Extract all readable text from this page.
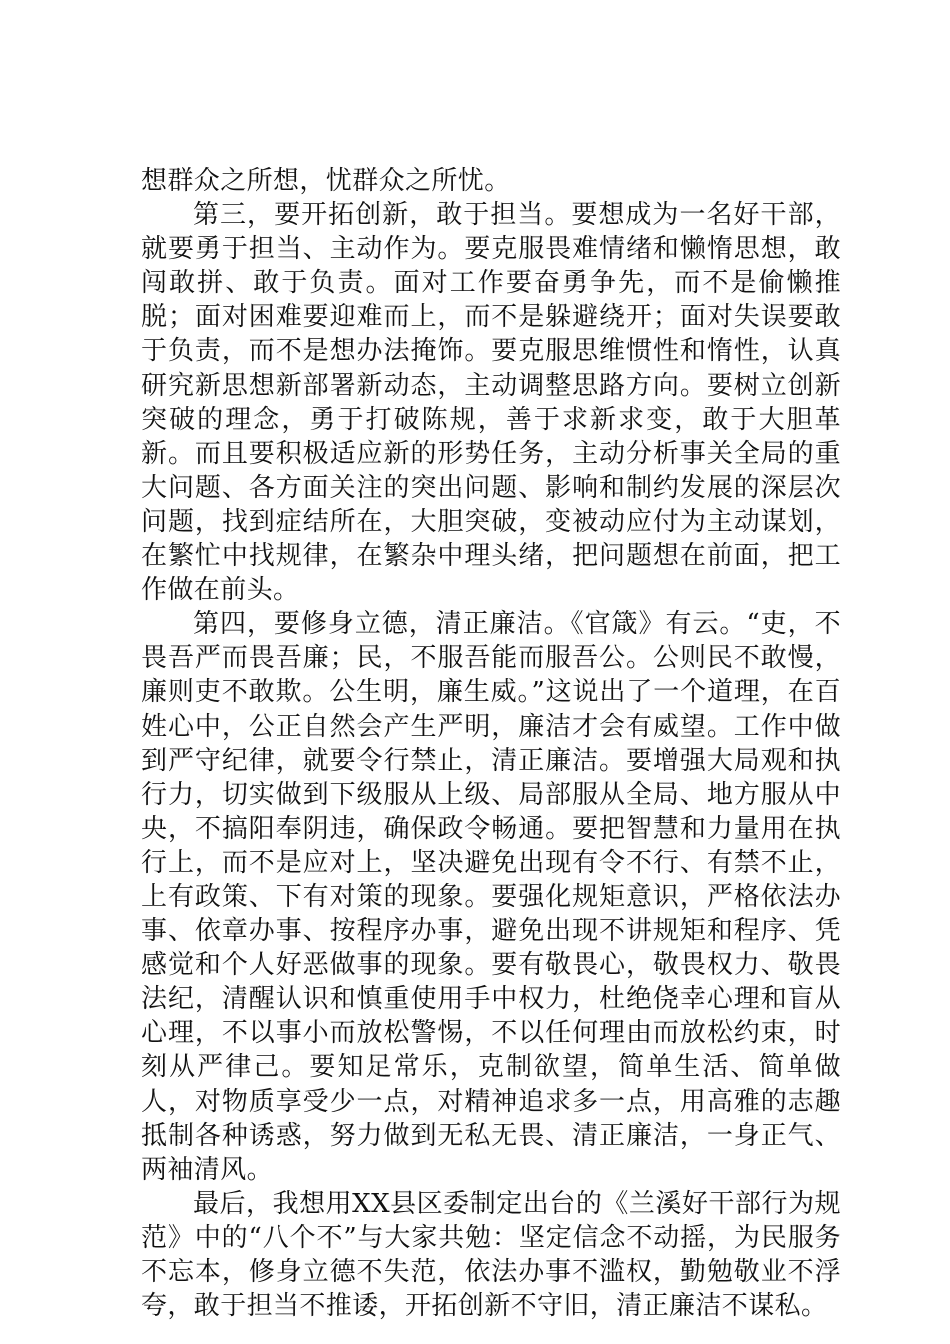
想群众之所想，忧群众之所忧。

第三，要开拓创新，敢于担当。要想成为一名好干部，就要勇于担当、主动作为。要克服畏难情绪和懒惰思想，敢闯敢拼、敢于负责。面对工作要奋勇争先，而不是偷懒推脱；面对困难要迎难而上，而不是躲避绕开；面对失误要敢于负责，而不是想办法掩饰。要克服思维惯性和惰性，认真研究新思想新部署新动态，主动调整思路方向。要树立创新突破的理念，勇于打破陈规，善于求新求变，敢于大胆革新。而且要积极适应新的形势任务，主动分析事关全局的重大问题、各方面关注的突出问题、影响和制约发展的深层次问题，找到症结所在，大胆突破，变被动应付为主动谋划，在繁忙中找规律，在繁杂中理头绪，把问题想在前面，把工作做在前头。

第四，要修身立德，清正廉洁。《官箴》有云。“吏，不畏吾严而畏吾廉；民，不服吾能而服吾公。公则民不敢慢，廉则吏不敢欺。公生明，廉生威。”这说出了一个道理，在百姓心中，公正自然会产生严明，廉洁才会有威望。工作中做到严守纪律，就要令行禁止，清正廉洁。要增强大局观和执行力，切实做到下级服从上级、局部服从全局、地方服从中央，不搞阳奉阴违，确保政令畅通。要把智慧和力量用在执行上，而不是应对上，坚决避免出现有令不行、有禁不止，上有政策、下有对策的现象。要强化规矩意识，严格依法办事、依章办事、按程序办事，避免出现不讲规矩和程序、凭感觉和个人好恶做事的现象。要有敬畏心，敬畏权力、敬畏法纪，清醒认识和慎重使用手中权力，杜绝侥幸心理和盲从心理，不以事小而放松警惕，不以任何理由而放松约束，时刻从严律己。要知足常乐，克制欲望，简单生活、简单做人，对物质享受少一点，对精神追求多一点，用高雅的志趣抵制各种诱惑，努力做到无私无畏、清正廉洁，一身正气、两袖清风。

最后，我想用XX县区委制定出台的《兰溪好干部行为规范》中的“八个不”与大家共勉：坚定信念不动摇，为民服务不忘本，修身立德不失范，依法办事不滥权，勤勉敬业不浮夸，敢于担当不推诿，开拓创新不守旧，清正廉洁不谋私。
